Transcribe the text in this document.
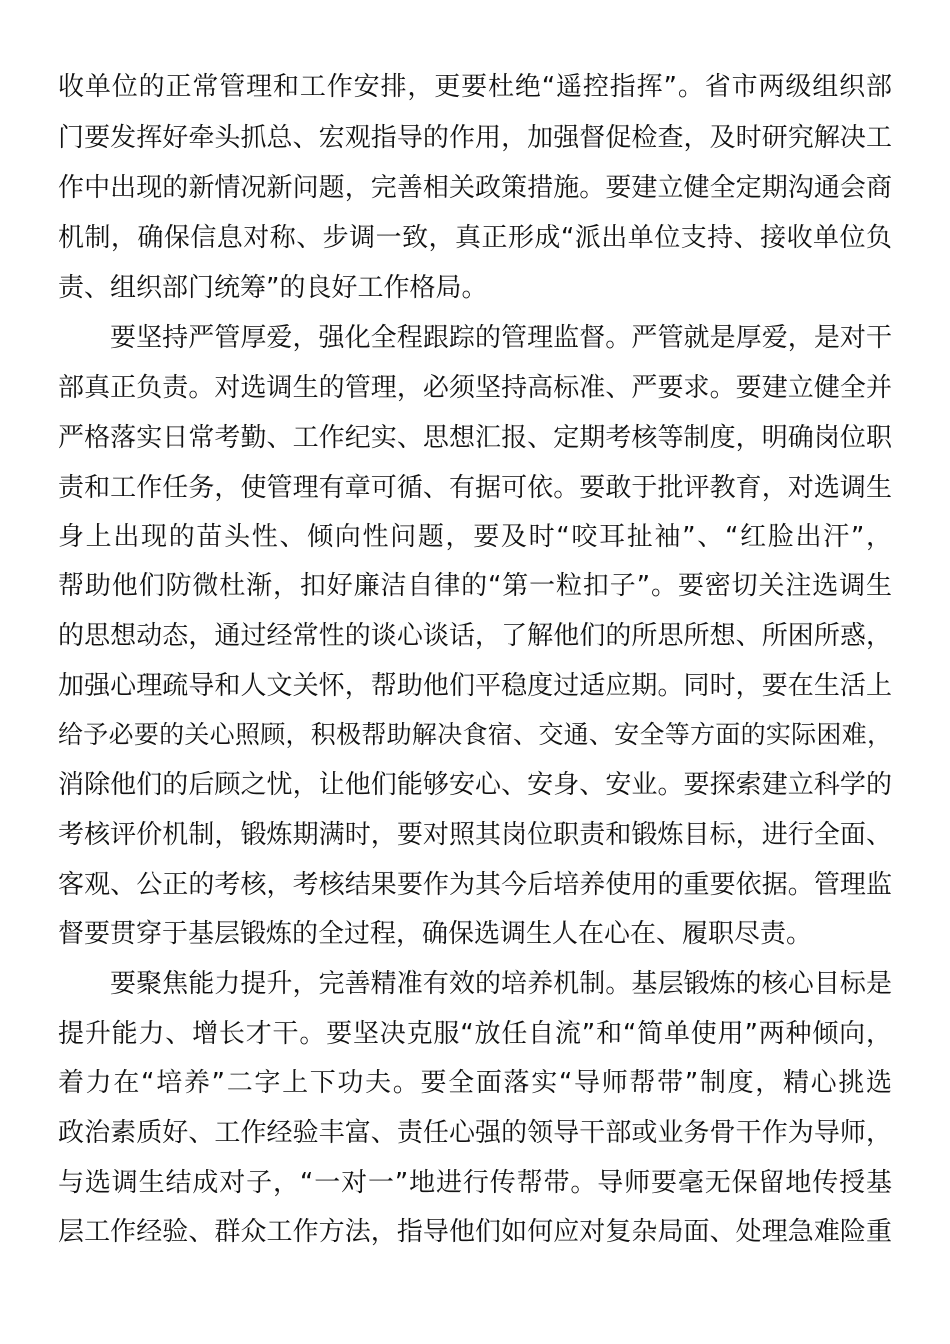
收单位的正常管理和工作安排，更要杜绝“遥控指挥”。省市两级组织部
门要发挥好牵头抓总、宏观指导的作用，加强督促检查，及时研究解决工
作中出现的新情况新问题，完善相关政策措施。要建立健全定期沟通会商
机制，确保信息对称、步调一致，真正形成“派出单位支持、接收单位负
责、组织部门统筹”的良好工作格局。
要坚持严管厚爱，强化全程跟踪的管理监督。严管就是厚爱，是对干
部真正负责。对选调生的管理，必须坚持高标准、严要求。要建立健全并
严格落实日常考勤、工作纪实、思想汇报、定期考核等制度，明确岗位职
责和工作任务，使管理有章可循、有据可依。要敢于批评教育，对选调生
身上出现的苗头性、倾向性问题，要及时“咬耳扯袖”、“红脸出汗”，
帮助他们防微杜渐，扣好廉洁自律的“第一粒扣子”。要密切关注选调生
的思想动态，通过经常性的谈心谈话，了解他们的所思所想、所困所惑，
加强心理疏导和人文关怀，帮助他们平稳度过适应期。同时，要在生活上
给予必要的关心照顾，积极帮助解决食宿、交通、安全等方面的实际困难，
消除他们的后顾之忧，让他们能够安心、安身、安业。要探索建立科学的
考核评价机制，锻炼期满时，要对照其岗位职责和锻炼目标，进行全面、
客观、公正的考核，考核结果要作为其今后培养使用的重要依据。管理监
督要贯穿于基层锻炼的全过程，确保选调生人在心在、履职尽责。
要聚焦能力提升，完善精准有效的培养机制。基层锻炼的核心目标是
提升能力、增长才干。要坚决克服“放任自流”和“简单使用”两种倾向，
着力在“培养”二字上下功夫。要全面落实“导师帮带”制度，精心挑选
政治素质好、工作经验丰富、责任心强的领导干部或业务骨干作为导师，
与选调生结成对子，“一对一”地进行传帮带。导师要毫无保留地传授基
层工作经验、群众工作方法，指导他们如何应对复杂局面、处理急难险重
